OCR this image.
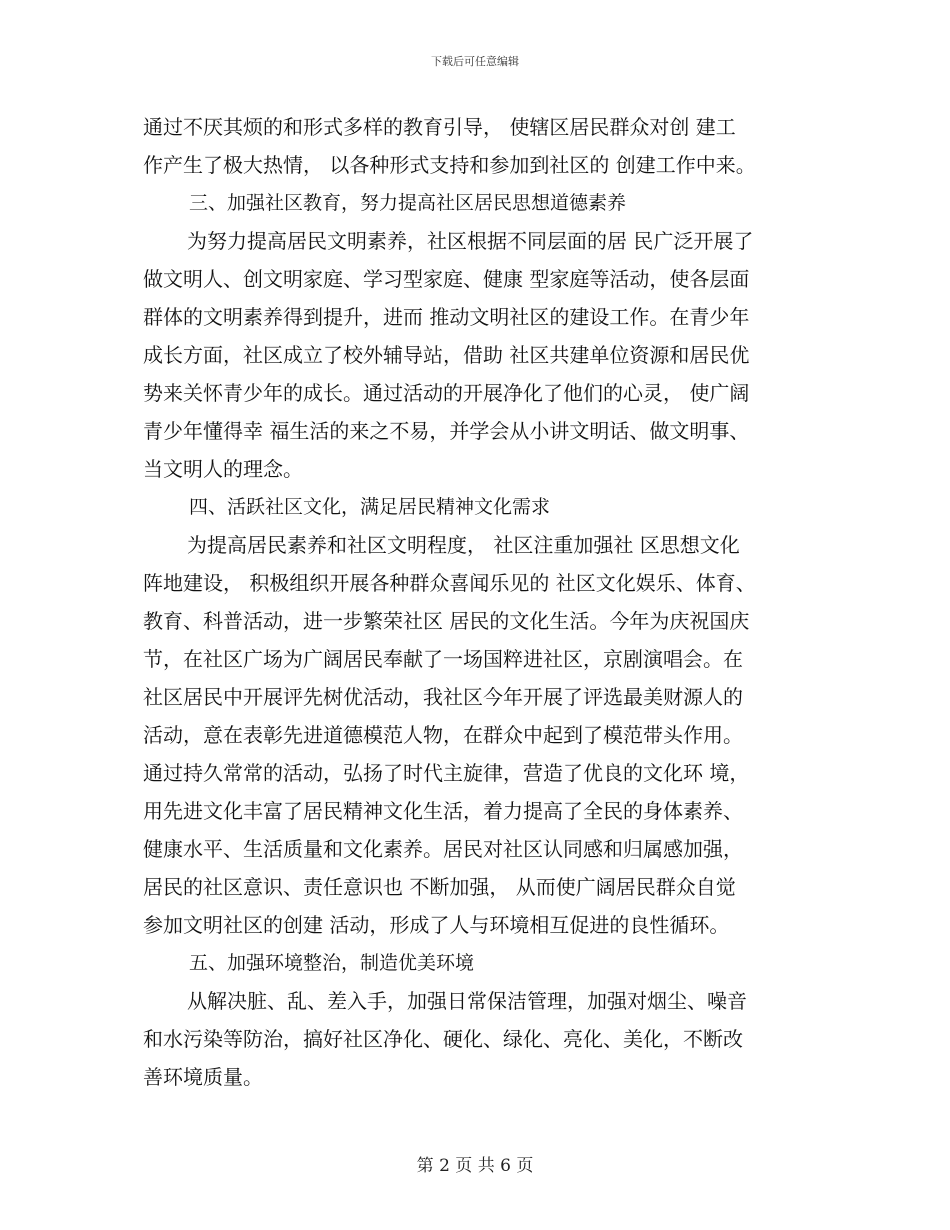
下载后可任意编辑
通过不厌其烦的和形式多样的教育引导， 使辖区居民群众对创 建工
作产生了极大热情， 以各种形式支持和参加到社区的 创建工作中来。
三、加强社区教育，努力提高社区居民思想道德素养
为努力提高居民文明素养，社区根据不同层面的居 民广泛开展了
做文明人、创文明家庭、学习型家庭、健康 型家庭等活动，使各层面
群体的文明素养得到提升，进而 推动文明社区的建设工作。在青少年
成长方面，社区成立了校外辅导站，借助 社区共建单位资源和居民优
势来关怀青少年的成长。通过活动的开展净化了他们的心灵， 使广阔
青少年懂得幸 福生活的来之不易，并学会从小讲文明话、做文明事、
当文明人的理念。
四、活跃社区文化，满足居民精神文化需求
为提高居民素养和社区文明程度， 社区注重加强社 区思想文化
阵地建设， 积极组织开展各种群众喜闻乐见的 社区文化娱乐、体育、
教育、科普活动，进一步繁荣社区 居民的文化生活。今年为庆祝国庆
节，在社区广场为广阔居民奉献了一场国粹进社区，京剧演唱会。在
社区居民中开展评先树优活动，我社区今年开展了评选最美财源人的
活动，意在表彰先进道德模范人物，在群众中起到了模范带头作用。
通过持久常常的活动，弘扬了时代主旋律，营造了优良的文化环 境，
用先进文化丰富了居民精神文化生活，着力提高了全民的身体素养、
健康水平、生活质量和文化素养。居民对社区认同感和归属感加强，
居民的社区意识、责任意识也 不断加强， 从而使广阔居民群众自觉
参加文明社区的创建 活动，形成了人与环境相互促进的良性循环。
五、加强环境整治，制造优美环境
从解决脏、乱、差入手，加强日常保洁管理，加强对烟尘、噪音
和水污染等防治，搞好社区净化、硬化、绿化、亮化、美化，不断改
善环境质量。
第 2 页 共 6 页
